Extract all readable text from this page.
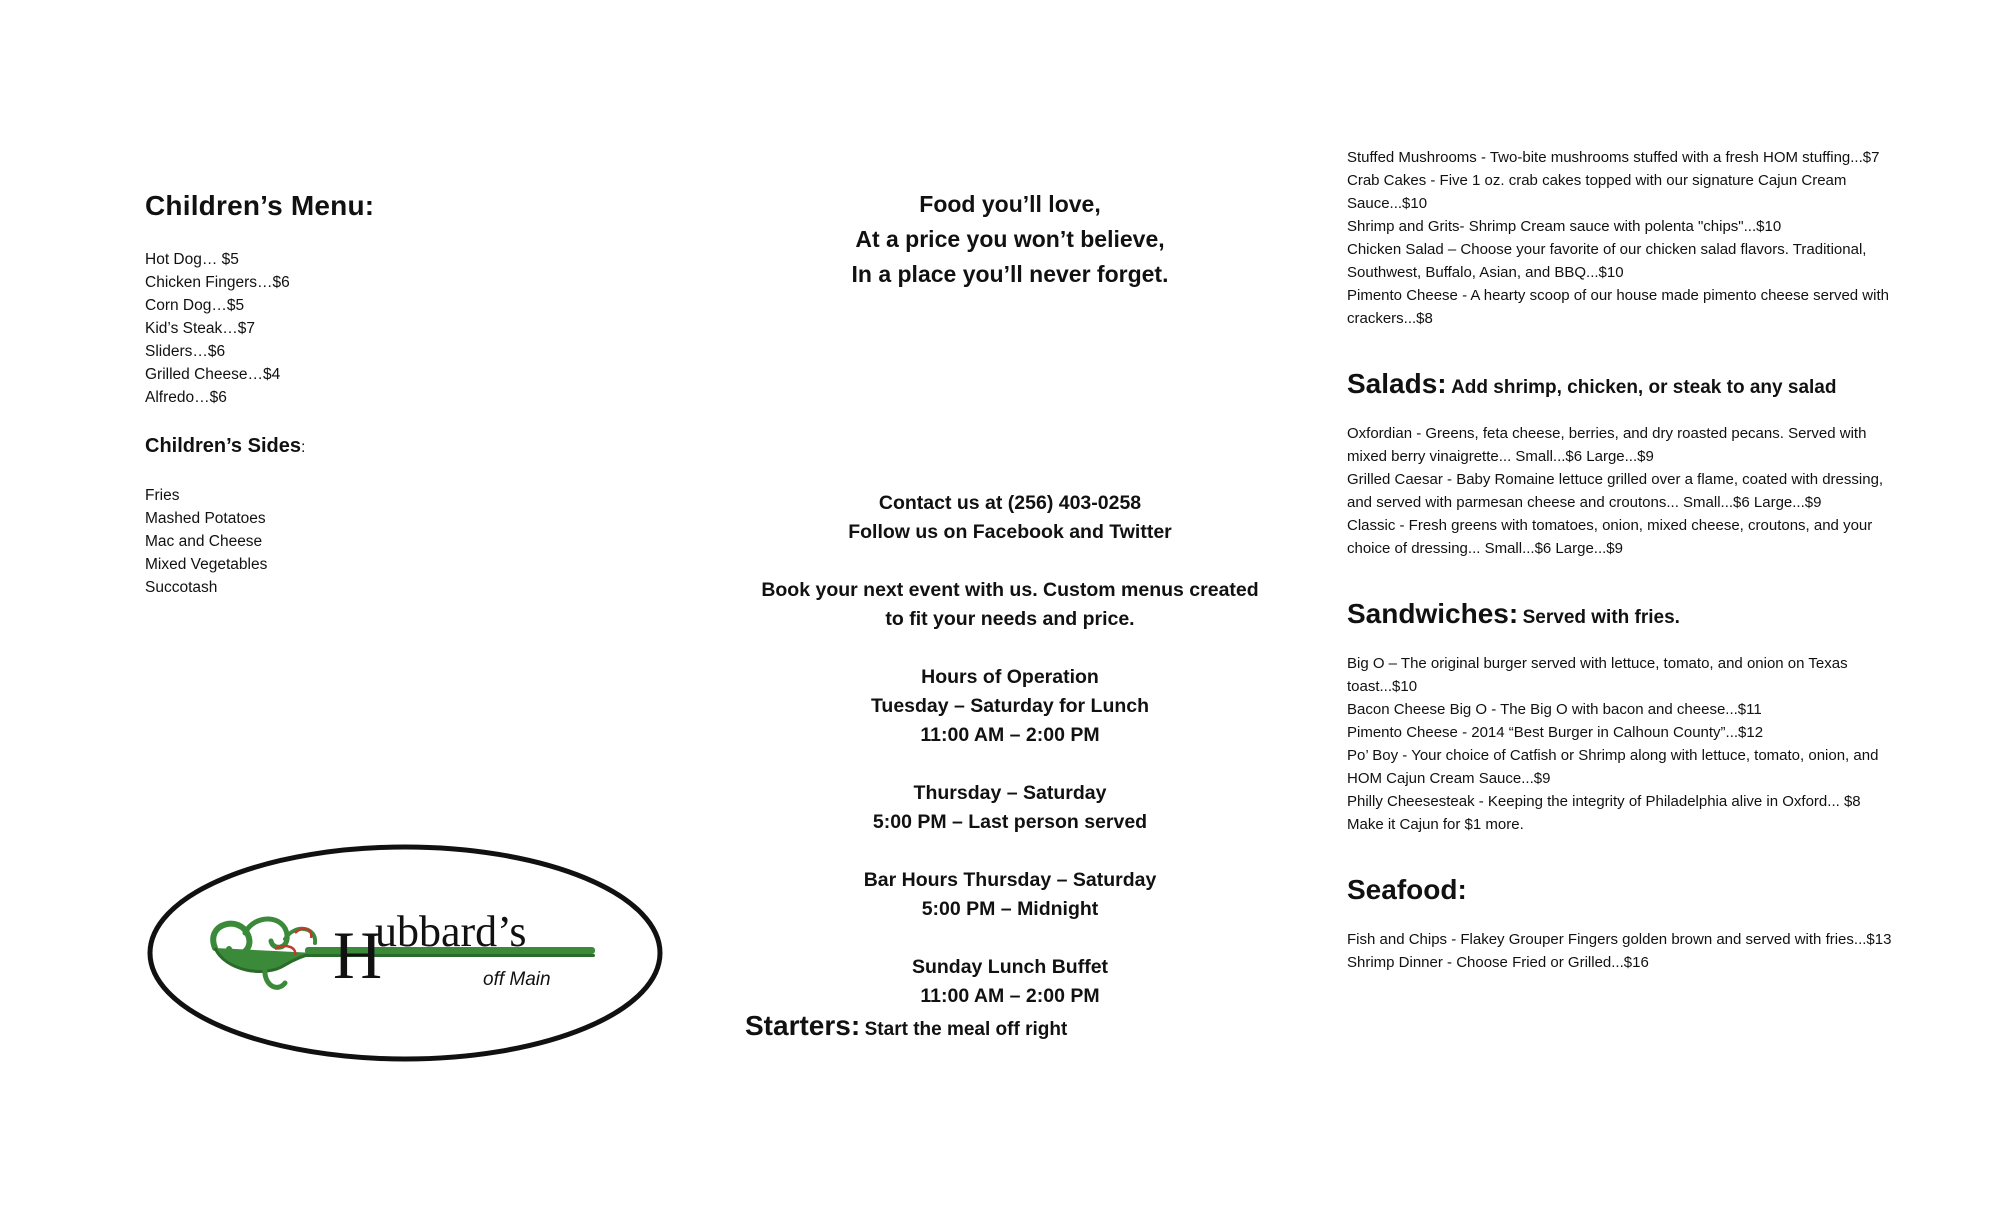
Children’s Menu:

Hot Dog… $5

Chicken Fingers…$6

Corn Dog…$5

Kid’s Steak…$7

Sliders…$6

Grilled Cheese…$4

Alfredo…$6

Children’s Sides:

Fries

Mashed Potatoes

Mac and Cheese

Mixed Vegetables

Succotash

H
ubbard’s
off Main
Food you’ll love,
At a price you won’t believe,
In a place you’ll never forget.
Contact us at (256) 403-0258
Follow us on Facebook and Twitter
Book your next event with us. Custom menus created
to fit your needs and price.
Hours of Operation
Tuesday – Saturday for Lunch
11:00 AM – 2:00 PM
Thursday – Saturday
5:00 PM – Last person served
Bar Hours Thursday – Saturday
5:00 PM – Midnight
Sunday Lunch Buffet
11:00 AM – 2:00 PM
Starters: Start the meal off right

Stuffed Mushrooms - Two-bite mushrooms stuffed with a fresh HOM stuffing...$7

Crab Cakes - Five 1 oz. crab cakes topped with our signature Cajun Cream Sauce...$10

Shrimp and Grits- Shrimp Cream sauce with polenta "chips"...$10

Chicken Salad – Choose your favorite of our chicken salad flavors. Traditional, Southwest, Buffalo, Asian, and BBQ...$10

Pimento Cheese - A hearty scoop of our house made pimento cheese served with crackers...$8

Salads: Add shrimp, chicken, or steak to any salad

Oxfordian - Greens, feta cheese, berries, and dry roasted pecans. Served with mixed berry vinaigrette... Small...$6 Large...$9

Grilled Caesar - Baby Romaine lettuce grilled over a flame, coated with dressing, and served with parmesan cheese and croutons... Small...$6 Large...$9

Classic - Fresh greens with tomatoes, onion, mixed cheese, croutons, and your choice of dressing... Small...$6 Large...$9

Sandwiches: Served with fries.

Big O – The original burger served with lettuce, tomato, and onion on Texas toast...$10

Bacon Cheese Big O - The Big O with bacon and cheese...$11

Pimento Cheese - 2014 “Best Burger in Calhoun County”...$12

Po’ Boy - Your choice of Catfish or Shrimp along with lettuce, tomato, onion, and HOM Cajun Cream Sauce...$9

Philly Cheesesteak - Keeping the integrity of Philadelphia alive in Oxford... $8 Make it Cajun for $1 more.

Seafood:

Fish and Chips - Flakey Grouper Fingers golden brown and served with fries...$13

Shrimp Dinner - Choose Fried or Grilled...$16
